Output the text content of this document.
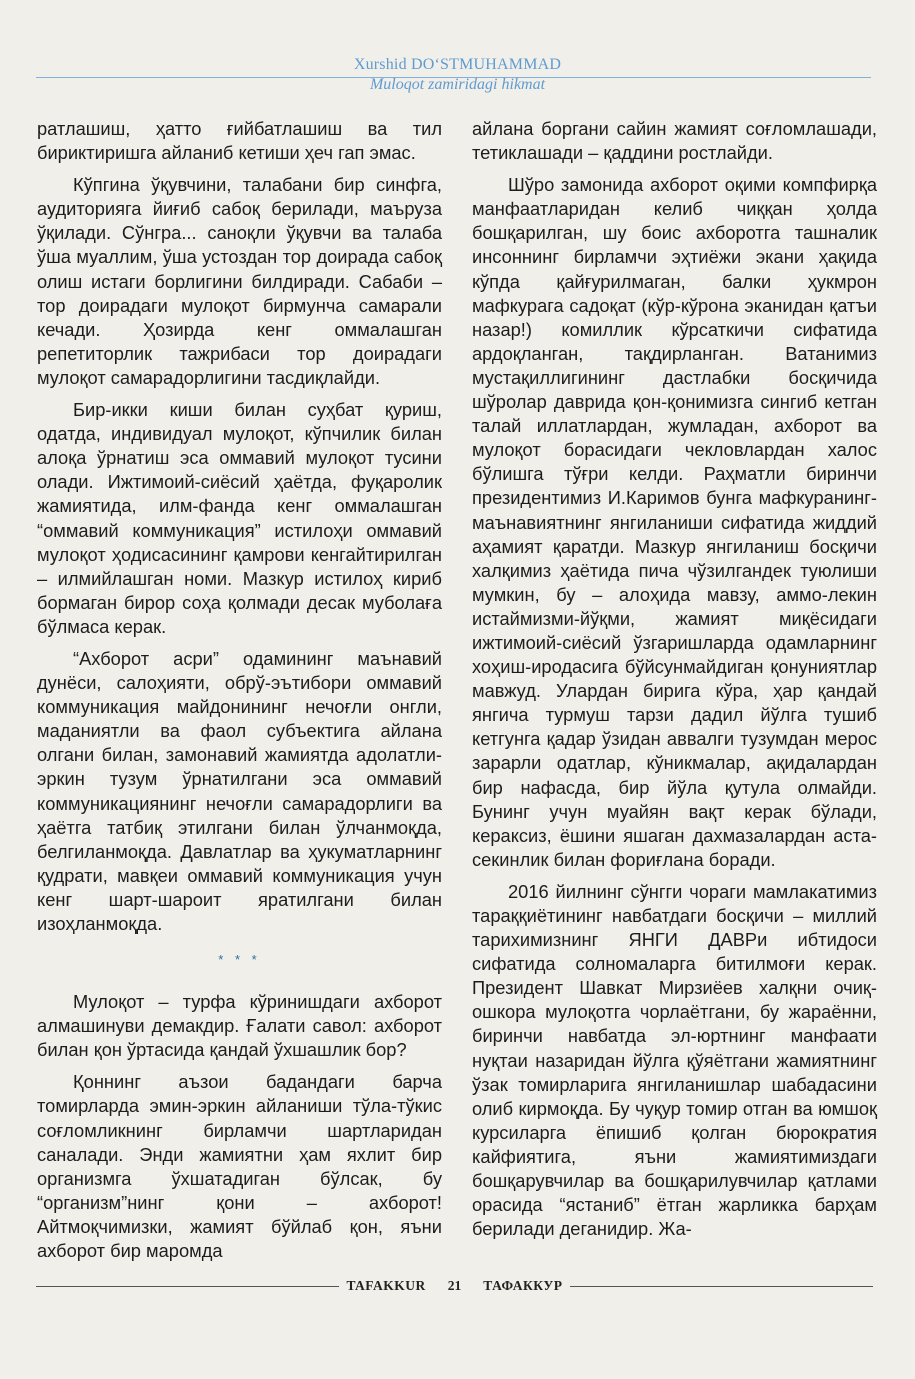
Xurshid DO‘STMUHAMMAD
Muloqot zamiridagi hikmat

ратлашиш, ҳатто ғийбатлашиш ва тил бириктиришга айланиб кетиши ҳеч гап эмас.

Кўпгина ўқувчини, талабани бир синфга, аудиторияга йиғиб сабоқ берилади, маъруза ўқилади. Сўнгра... саноқли ўқувчи ва талаба ўша муаллим, ўша устоздан тор доирада сабоқ олиш истаги борлигини билдиради. Сабаби – тор доирадаги мулоқот бирмунча самарали кечади. Ҳозирда кенг оммалашган репетиторлик тажрибаси тор доирадаги мулоқот самарадорлигини тасдиқлайди.

Бир-икки киши билан суҳбат қуриш, одатда, индивидуал мулоқот, кўпчилик билан алоқа ўрнатиш эса оммавий мулоқот тусини олади. Ижтимоий-сиёсий ҳаётда, фуқаролик жамиятида, илм-фанда кенг оммалашган “оммавий коммуникация” истилоҳи оммавий мулоқот ҳодисасининг қамрови кенгайтирилган – илмийлашган номи. Мазкур истилоҳ кириб бормаган бирор соҳа қолмади десак муболаға бўлмаса керак.

“Ахборот асри” одамининг маънавий дунёси, салоҳияти, обрў-эътибори оммавий коммуникация майдонининг нечоғли онгли, маданиятли ва фаол субъектига айлана олгани билан, замонавий жамиятда адолатли-эркин тузум ўрнатилгани эса оммавий коммуникациянинг нечоғли самарадорлиги ва ҳаётга татбиқ этилгани билан ўлчанмоқда, белгиланмоқда. Давлатлар ва ҳукуматларнинг қудрати, мавқеи оммавий коммуникация учун кенг шарт-шароит яратилгани билан изоҳланмоқда.

* * *

Мулоқот – турфа кўринишдаги ахборот алмашинуви демакдир. Ғалати савол: ахборот билан қон ўртасида қандай ўхшашлик бор?

Қоннинг аъзои бадандаги барча томирларда эмин-эркин айланиши тўла-тўкис соғломликнинг бирламчи шартларидан саналади. Энди жамиятни ҳам яхлит бир организмга ўхшатадиган бўлсак, бу “организм”нинг қони – ахборот! Айтмоқчимизки, жамият бўйлаб қон, яъни ахборот бир маромда

айлана боргани сайин жамият соғломлашади, тетиклашади – қаддини ростлайди.

Шўро замонида ахборот оқими компфирқа манфаатларидан келиб чиққан ҳолда бошқарилган, шу боис ахборотга ташналик инсоннинг бирламчи эҳтиёжи экани ҳақида кўпда қайғурилмаган, балки ҳукмрон мафкурага садоқат (кўр-кўрона эканидан қатъи назар!) комиллик кўрсаткичи сифатида ардоқланган, тақдирланган. Ватанимиз мустақиллигининг дастлабки босқичида шўролар даврида қон-қонимизга сингиб кетган талай иллатлардан, жумладан, ахборот ва мулоқот борасидаги чекловлардан халос бўлишга тўғри келди. Раҳматли биринчи президентимиз И.Каримов бунга мафкуранинг-маънавиятнинг янгиланиши сифатида жиддий аҳамият қаратди. Мазкур янгиланиш босқичи халқимиз ҳаётида пича чўзилгандек туюлиши мумкин, бу – алоҳида мавзу, аммо-лекин истаймизми-йўқми, жамият миқёсидаги ижтимоий-сиёсий ўзгаришларда одамларнинг хоҳиш-иродасига бўйсунмайдиган қонуниятлар мавжуд. Улардан бирига кўра, ҳар қандай янгича турмуш тарзи дадил йўлга тушиб кетгунга қадар ўзидан аввалги тузумдан мерос зарарли одатлар, кўникмалар, ақидалардан бир нафасда, бир йўла қутула олмайди. Бунинг учун муайян вақт керак бўлади, кераксиз, ёшини яшаган дахмазалардан аста-секинлик билан фориғлана боради.

2016 йилнинг сўнгги чораги мамлакатимиз тараққиётининг навбатдаги босқичи – миллий тарихимизнинг ЯНГИ ДАВРи ибтидоси сифатида солномаларга битилмоғи керак. Президент Шавкат Мирзиёев халқни очиқ-ошкора мулоқотга чорлаётгани, бу жараённи, биринчи навбатда эл-юртнинг манфаати нуқтаи назаридан йўлга қўяётгани жамиятнинг ўзак томирларига янгиланишлар шабадасини олиб кирмоқда. Бу чуқур томир отган ва юмшоқ курсиларга ёпишиб қолган бюрократия кайфиятига, яъни жамиятимиздаги бошқарувчилар ва бошқарилувчилар қатлами орасида “ястаниб” ётган жарликка барҳам берилади деганидир. Жа-

TAFAKKUR	21	ТАФАККУР
